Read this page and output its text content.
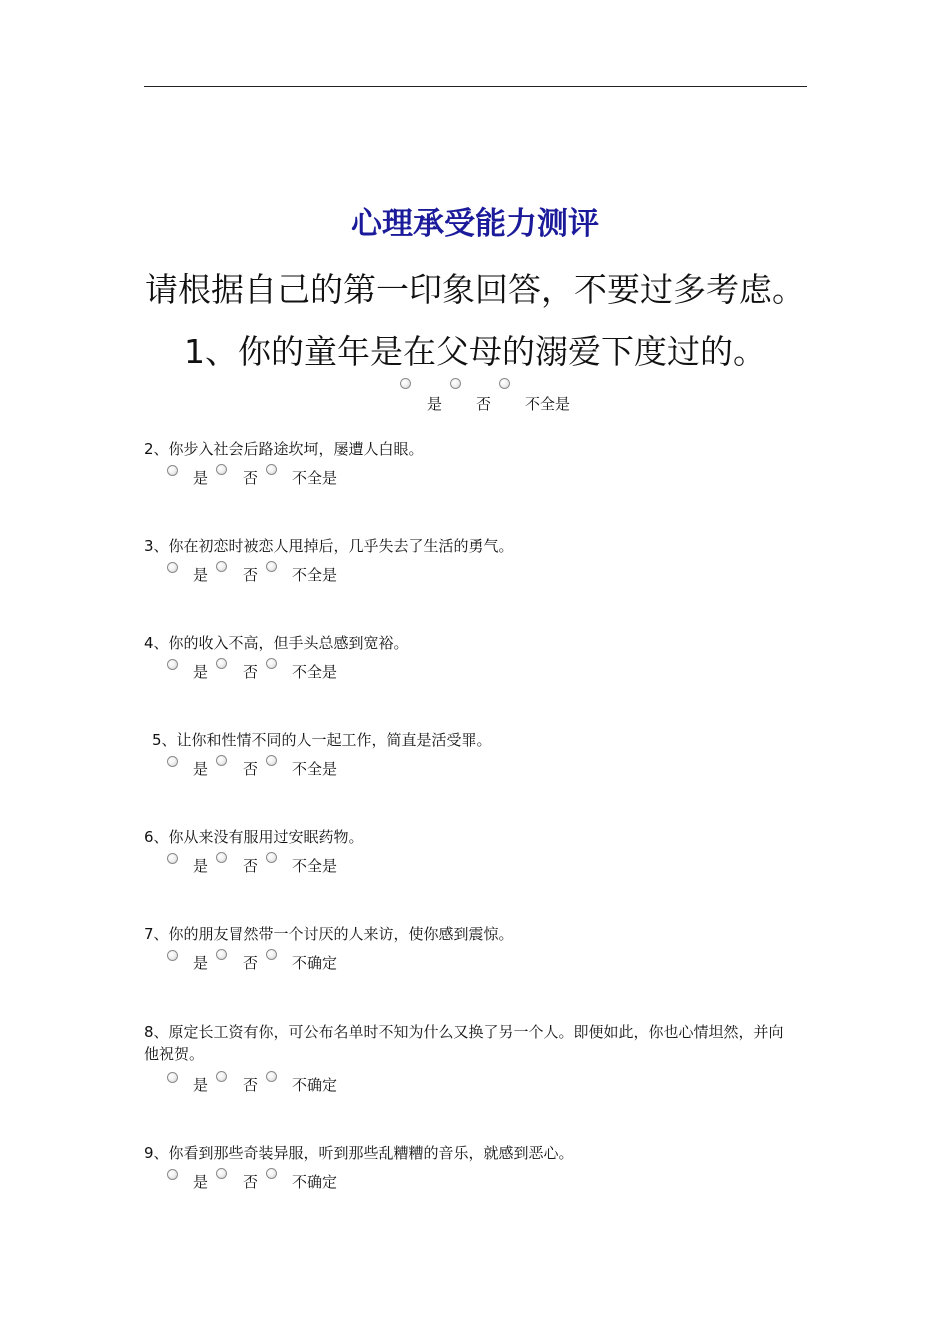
心理承受能力测评

请根据自己的第一印象回答，不要过多考虑。

1、你的童年是在父母的溺爱下度过的。

是 否 不全是

2、你步入社会后路途坎坷，屡遭人白眼。

是 否 不全是

3、你在初恋时被恋人甩掉后，几乎失去了生活的勇气。

是 否 不全是

4、你的收入不高，但手头总感到宽裕。

是 否 不全是

5、让你和性情不同的人一起工作，简直是活受罪。

是 否 不全是

6、你从来没有服用过安眠药物。

是 否 不全是

7、你的朋友冒然带一个讨厌的人来访，使你感到震惊。

是 否 不确定

8、原定长工资有你，可公布名单时不知为什么又换了另一个人。即便如此，你也心情坦然，并向他祝贺。

是 否 不确定

9、你看到那些奇装异服，听到那些乱糟糟的音乐，就感到恶心。

是 否 不确定
